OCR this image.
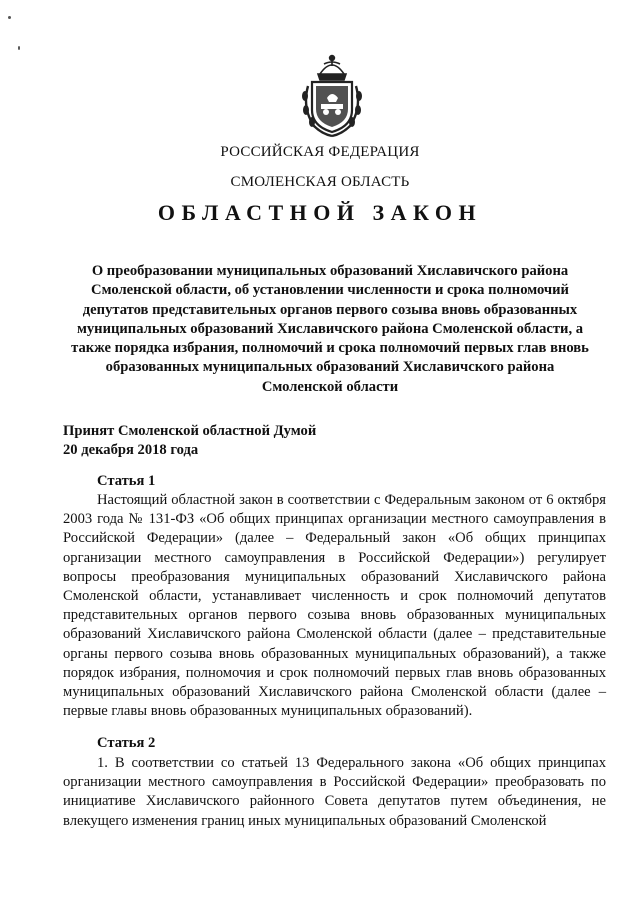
РОССИЙСКАЯ ФЕДЕРАЦИЯ
СМОЛЕНСКАЯ ОБЛАСТЬ
ОБЛАСТНОЙ ЗАКОН
О преобразовании муниципальных образований Хиславичского района Смоленской области, об установлении численности и срока полномочий депутатов представительных органов первого созыва вновь образованных муниципальных образований Хиславичского района Смоленской области, а также порядка избрания, полномочий и срока полномочий первых глав вновь образованных муниципальных образований Хиславичского района Смоленской области
Принят Смоленской областной Думой
20 декабря 2018 года
Статья 1
Настоящий областной закон в соответствии с Федеральным законом от 6 октября 2003 года № 131-ФЗ «Об общих принципах организации местного самоуправления в Российской Федерации» (далее – Федеральный закон «Об общих принципах организации местного самоуправления в Российской Федерации») регулирует вопросы преобразования муниципальных образований Хиславичского района Смоленской области, устанавливает численность и срок полномочий депутатов представительных органов первого созыва вновь образованных муниципальных образований Хиславичского района Смоленской области (далее – представительные органы первого созыва вновь образованных муниципальных образований), а также порядок избрания, полномочия и срок полномочий первых глав вновь образованных муниципальных образований Хиславичского района Смоленской области (далее – первые главы вновь образованных муниципальных образований).
Статья 2
1. В соответствии со статьей 13 Федерального закона «Об общих принципах организации местного самоуправления в Российской Федерации» преобразовать по инициативе Хиславичского районного Совета депутатов путем объединения, не влекущего изменения границ иных муниципальных образований Смоленской
